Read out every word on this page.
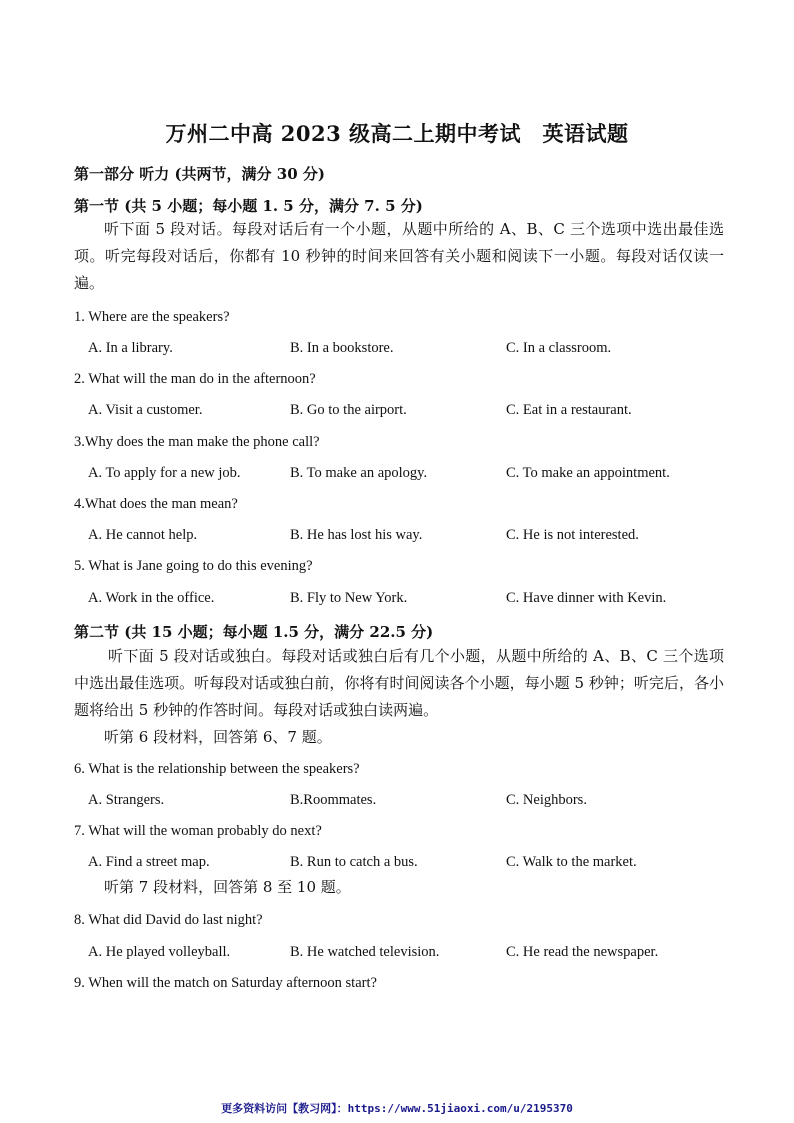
万州二中高 2023 级高二上期中考试　英语试题
第一部分 听力 (共两节，满分 30 分)
第一节 (共 5 小题；每小题 1. 5 分，满分 7. 5 分)
听下面 5 段对话。每段对话后有一个小题，从题中所给的 A、B、C 三个选项中选出最佳选项。听完每段对话后，你都有 10 秒钟的时间来回答有关小题和阅读下一小题。每段对话仅读一遍。
1. Where are the speakers?
A. In a library.	B. In a bookstore.	C. In a classroom.
2. What will the man do in the afternoon?
A. Visit a customer.	B. Go to the airport.	C. Eat in a restaurant.
3.Why does the man make the phone call?
A. To apply for a new job.	B. To make an apology.	C. To make an appointment.
4.What does the man mean?
A. He cannot help.	B. He has lost his way.	C. He is not interested.
5. What is Jane going to do this evening?
A. Work in the office.	B. Fly to New York.	C. Have dinner with Kevin.
第二节 (共 15 小题；每小题 1.5 分，满分 22.5 分)
听下面 5 段对话或独白。每段对话或独白后有几个小题，从题中所给的 A、B、C 三个选项中选出最佳选项。听每段对话或独白前，你将有时间阅读各个小题，每小题 5 秒钟；听完后，各小题将给出 5 秒钟的作答时间。每段对话或独白读两遍。
听第 6 段材料，回答第 6、7 题。
6. What is the relationship between the speakers?
A. Strangers.	B.Roommates.	C. Neighbors.
7. What will the woman probably do next?
A. Find a street map.	B. Run to catch a bus.	C. Walk to the market.
听第 7 段材料，回答第 8 至 10 题。
8. What did David do last night?
A. He played volleyball.	B. He watched television.	C. He read the newspaper.
9. When will the match on Saturday afternoon start?
更多资料访问【教习网】：https://www.51jiaoxi.com/u/2195370
